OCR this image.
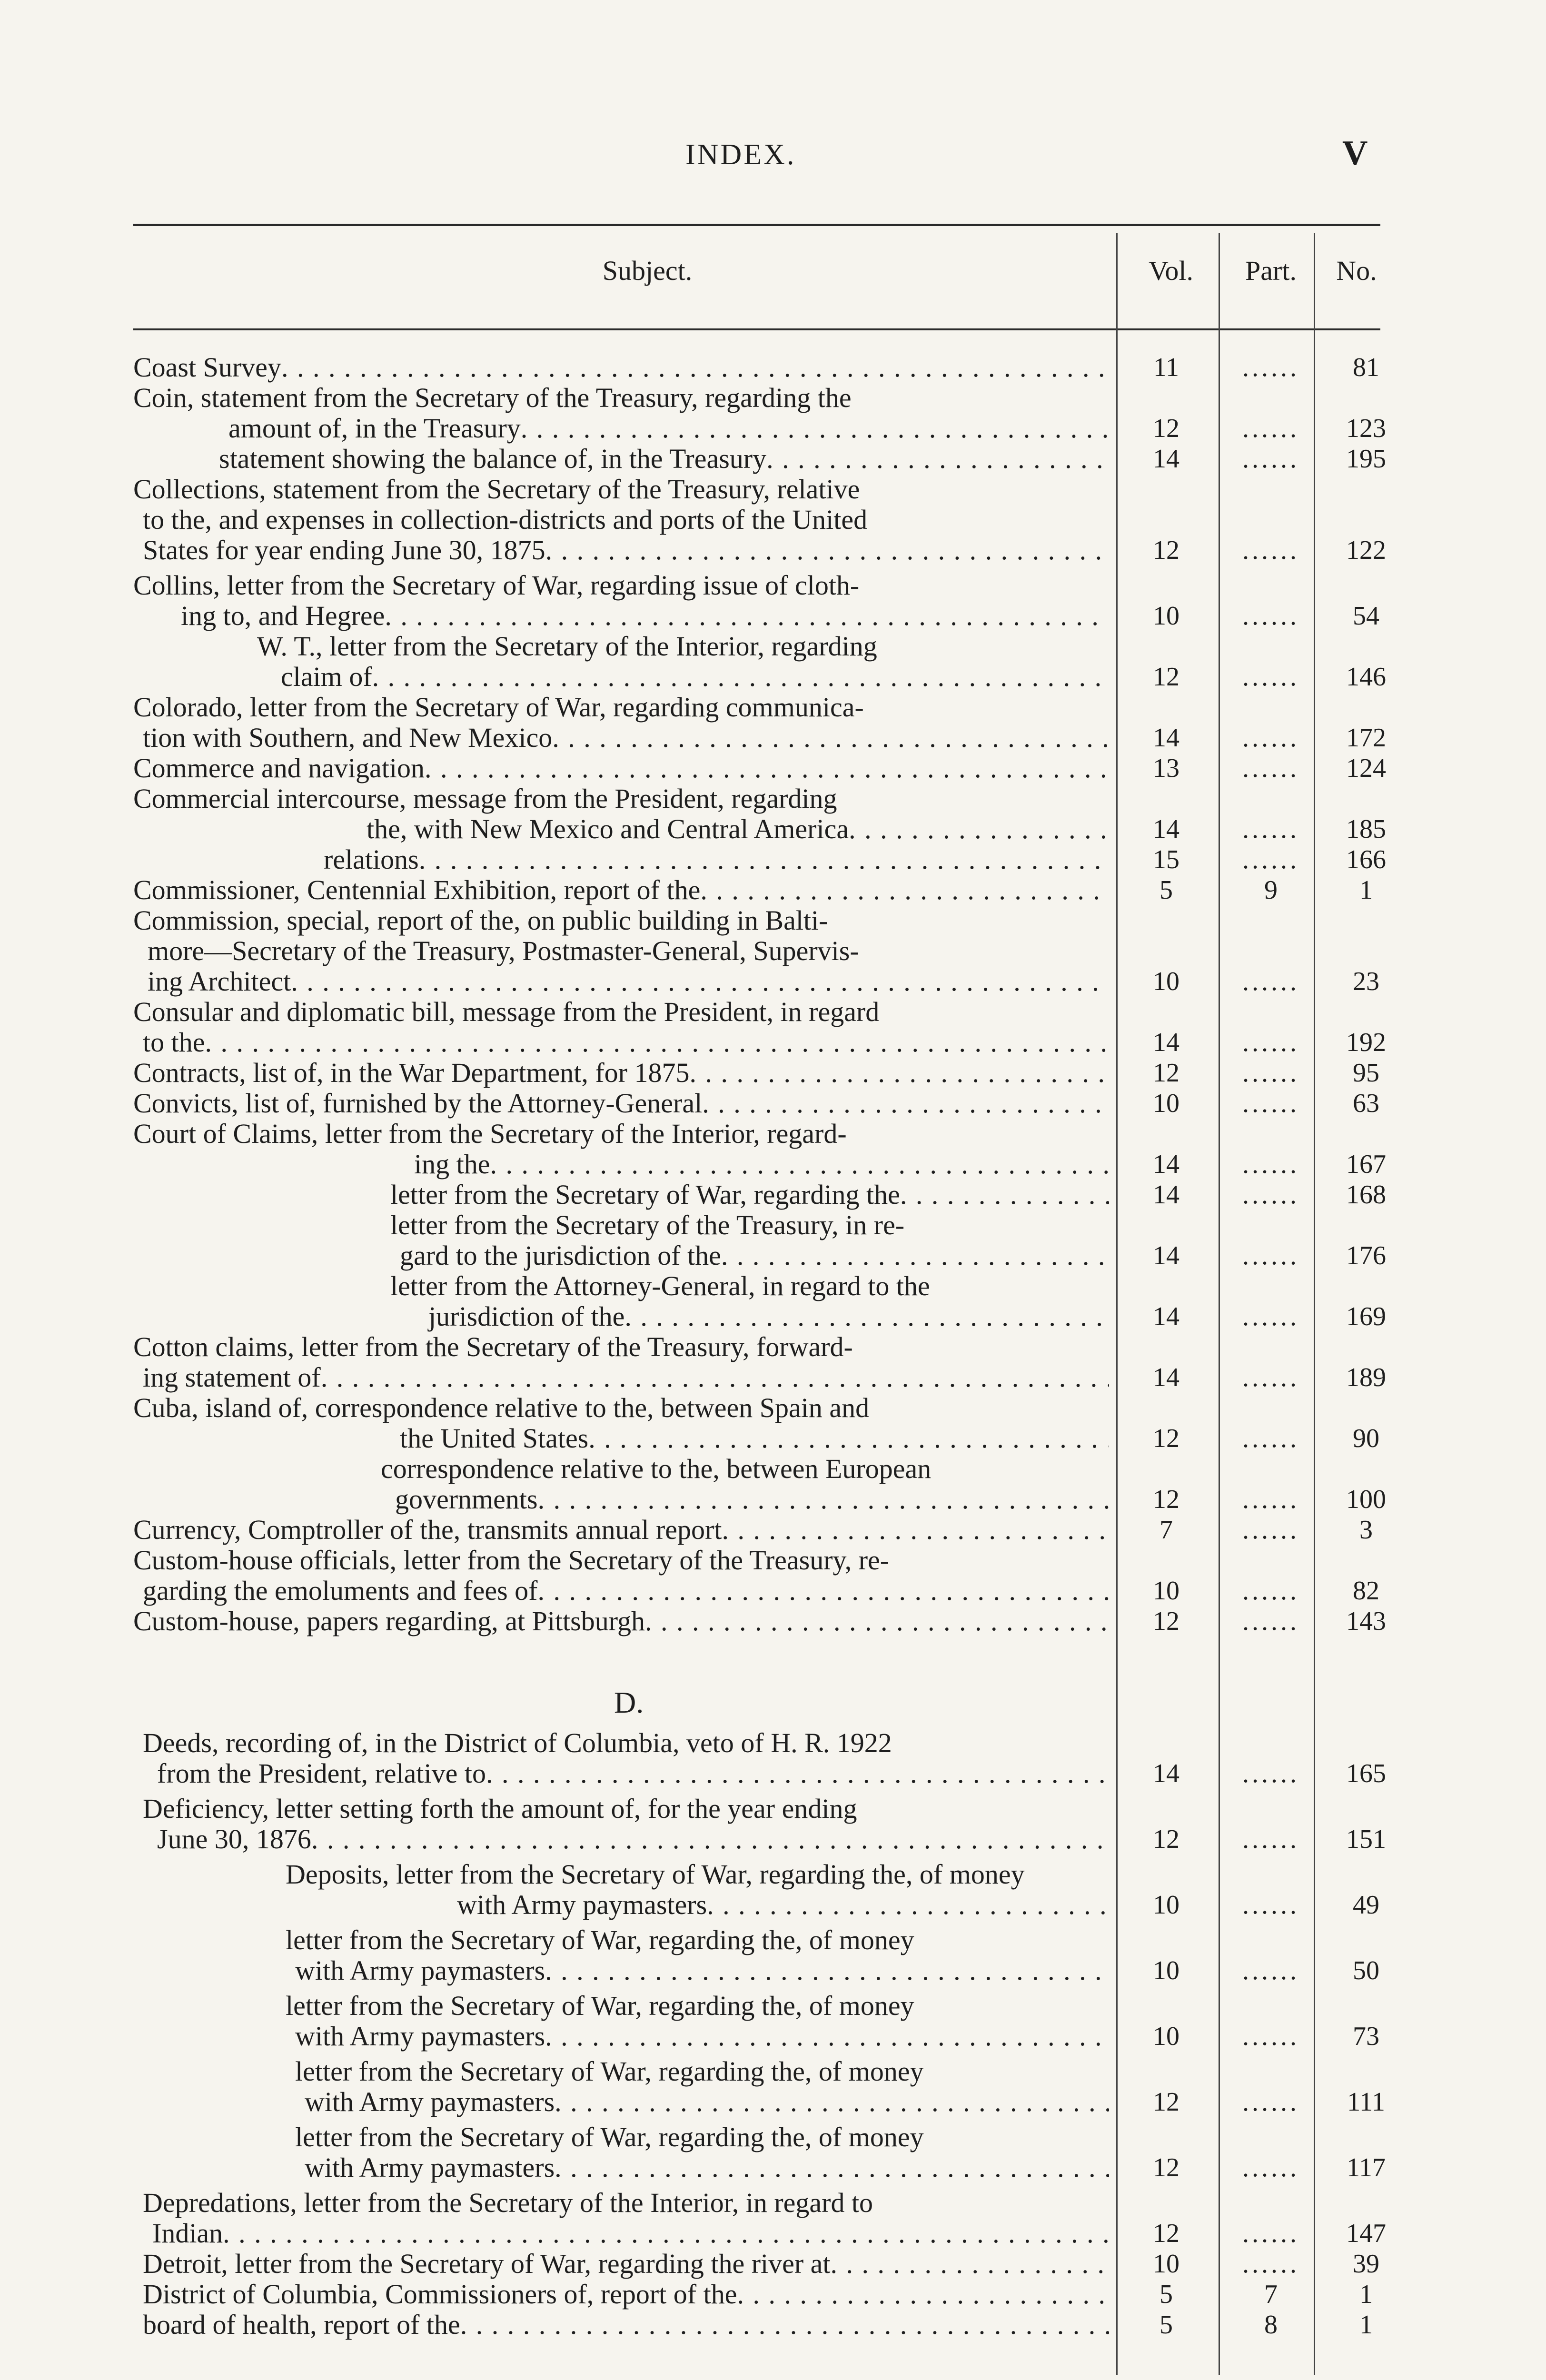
INDEX.	V
Subject.	Vol.	Part.	No.
D.
Coast Survey . . .	11	......	81
Coin, statement from the Secretary of the Treasury, regarding the
amount of, in the Treasury . . .	12	......	123
statement showing the balance of, in the Treasury . . .	14	......	195
Collections, statement from the Secretary of the Treasury, relative
to the, and expenses in collection-districts and ports of the United
States for year ending June 30, 1875 . . .	12	......	122
Collins, letter from the Secretary of War, regarding issue of cloth-
ing to, and Hegree . . .	10	......	54
W. T., letter from the Secretary of the Interior, regarding
claim of . . .	12	......	146
Colorado, letter from the Secretary of War, regarding communica-
tion with Southern, and New Mexico . . .	14	......	172
Commerce and navigation . . .	13	......	124
Commercial intercourse, message from the President, regarding
the, with New Mexico and Central America . . .	14	......	185
relations . . .	15	......	166
Commissioner, Centennial Exhibition, report of the . . .	5	9	1
Commission, special, report of the, on public building in Balti-
more—Secretary of the Treasury, Postmaster-General, Supervis-
ing Architect . . .	10	......	23
Consular and diplomatic bill, message from the President, in regard
to the . . .	14	......	192
Contracts, list of, in the War Department, for 1875 . . .	12	......	95
Convicts, list of, furnished by the Attorney-General . . .	10	......	63
Court of Claims, letter from the Secretary of the Interior, regard-
ing the . . .	14	......	167
letter from the Secretary of War, regarding the . . .	14	......	168
letter from the Secretary of the Treasury, in re-
gard to the jurisdiction of the . . .	14	......	176
letter from the Attorney-General, in regard to the
jurisdiction of the . . .	14	......	169
Cotton claims, letter from the Secretary of the Treasury, forward-
ing statement of . . .	14	......	189
Cuba, island of, correspondence relative to the, between Spain and
the United States . . .	12	......	90
correspondence relative to the, between European
governments . . .	12	......	100
Currency, Comptroller of the, transmits annual report . . .	7	......	3
Custom-house officials, letter from the Secretary of the Treasury, re-
garding the emoluments and fees of . . .	10	......	82
Custom-house, papers regarding, at Pittsburgh . . .	12	......	143
Deeds, recording of, in the District of Columbia, veto of H. R. 1922
from the President, relative to . . .	14	......	165
Deficiency, letter setting forth the amount of, for the year ending
June 30, 1876 . . .	12	......	151
Deposits, letter from the Secretary of War, regarding the, of money
with Army paymasters . . .	10	......	49
letter from the Secretary of War, regarding the, of money
with Army paymasters . . .	10	......	50
letter from the Secretary of War, regarding the, of money
with Army paymasters . . .	10	......	73
letter from the Secretary of War, regarding the, of money
with Army paymasters . . .	12	......	111
letter from the Secretary of War, regarding the, of money
with Army paymasters . . .	12	......	117
Depredations, letter from the Secretary of the Interior, in regard to
Indian . . .	12	......	147
Detroit, letter from the Secretary of War, regarding the river at . . .	10	......	39
District of Columbia, Commissioners of, report of the . . .	5	7	1
board of health, report of the . . .	5	8	1
